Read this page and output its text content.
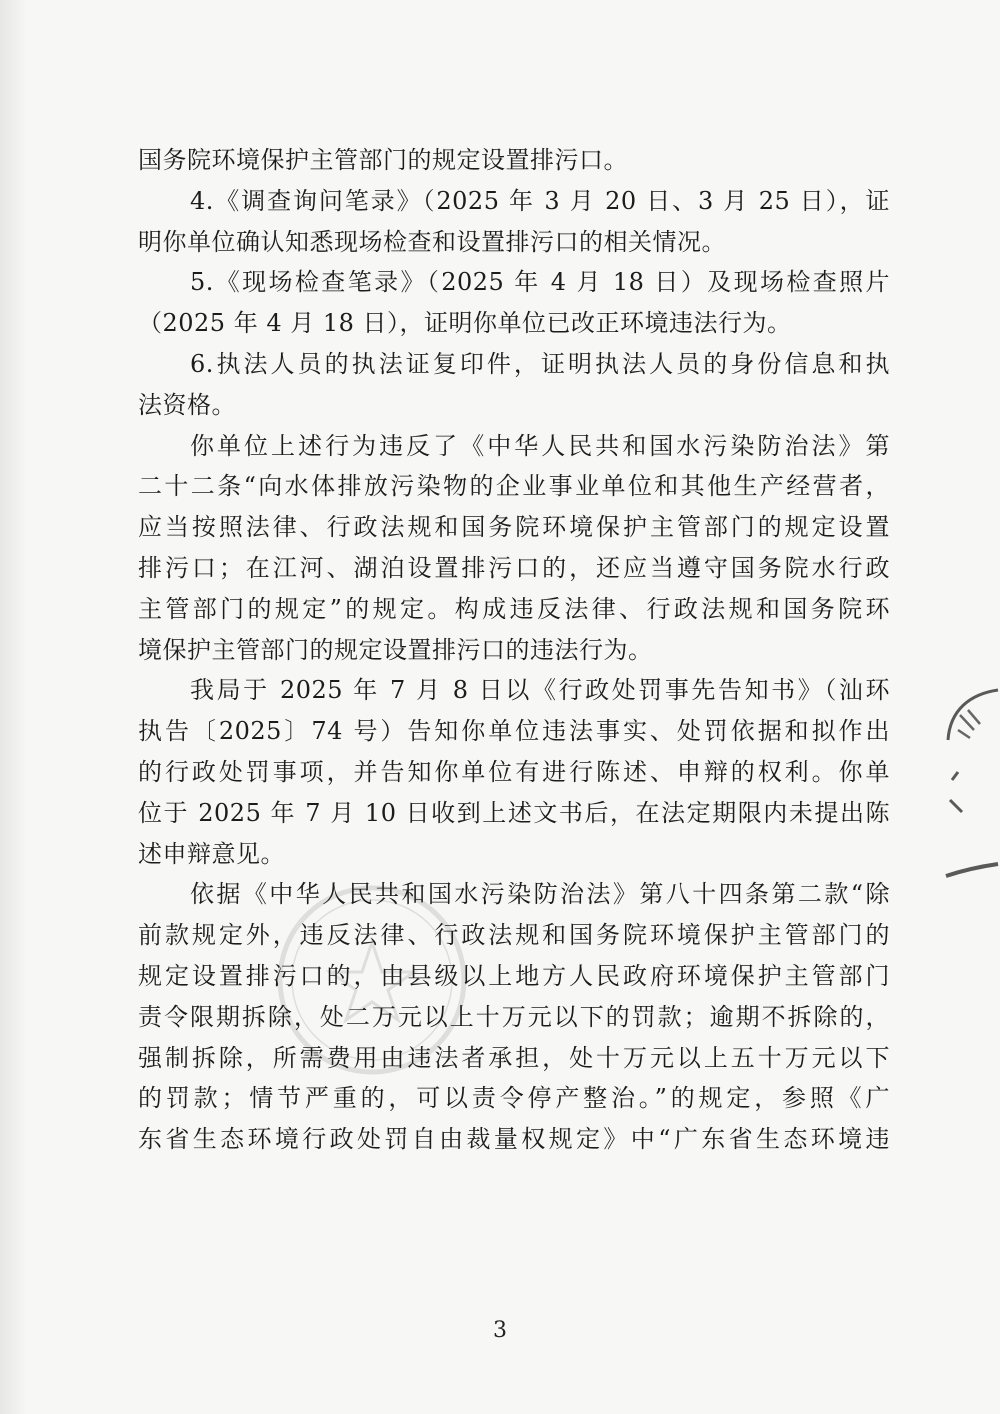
国务院环境保护主管部门的规定设置排污口。
4.《调查询问笔录》（2025 年 3 月 20 日、3 月 25 日），证
明你单位确认知悉现场检查和设置排污口的相关情况。
5.《现场检查笔录》（2025 年 4 月 18 日）及现场检查照片
（2025 年 4 月 18 日），证明你单位已改正环境违法行为。
6.执法人员的执法证复印件，证明执法人员的身份信息和执
法资格。
你单位上述行为违反了《中华人民共和国水污染防治法》第
二十二条“向水体排放污染物的企业事业单位和其他生产经营者，
应当按照法律、行政法规和国务院环境保护主管部门的规定设置
排污口；在江河、湖泊设置排污口的，还应当遵守国务院水行政
主管部门的规定”的规定。构成违反法律、行政法规和国务院环
境保护主管部门的规定设置排污口的违法行为。
我局于 2025 年 7 月 8 日以《行政处罚事先告知书》（汕环
执告〔2025〕74 号）告知你单位违法事实、处罚依据和拟作出
的行政处罚事项，并告知你单位有进行陈述、申辩的权利。你单
位于 2025 年 7 月 10 日收到上述文书后，在法定期限内未提出陈
述申辩意见。
依据《中华人民共和国水污染防治法》第八十四条第二款“除
前款规定外，违反法律、行政法规和国务院环境保护主管部门的
规定设置排污口的，由县级以上地方人民政府环境保护主管部门
责令限期拆除，处二万元以上十万元以下的罚款；逾期不拆除的，
强制拆除，所需费用由违法者承担，处十万元以上五十万元以下
的罚款；情节严重的，可以责令停产整治。”的规定，参照《广
东省生态环境行政处罚自由裁量权规定》中“广东省生态环境违
3
